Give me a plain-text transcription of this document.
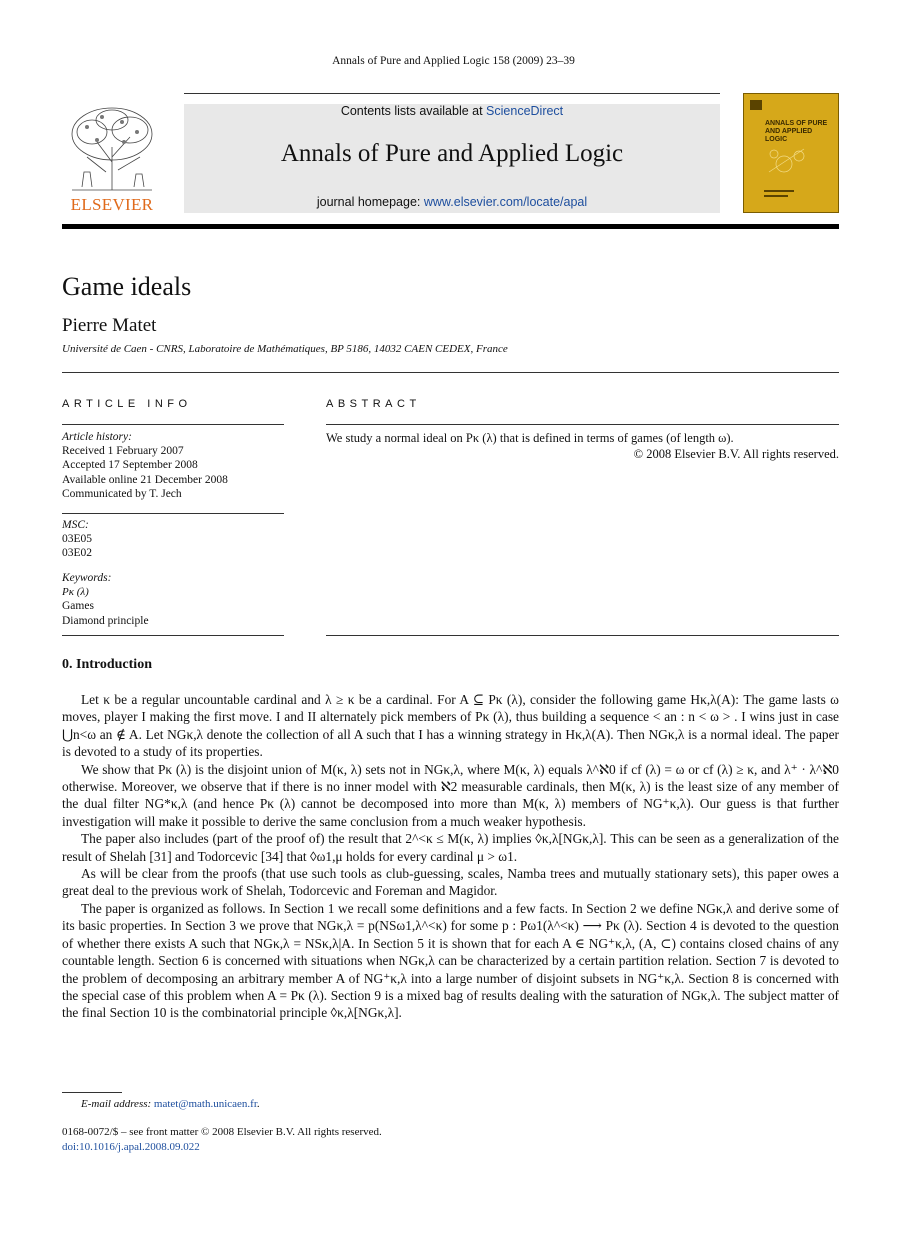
Annals of Pure and Applied Logic 158 (2009) 23–39
ELSEVIER
Contents lists available at ScienceDirect
Annals of Pure and Applied Logic
journal homepage: www.elsevier.com/locate/apal
ANNALS OF PURE AND APPLIED LOGIC
Game ideals
Pierre Matet
Université de Caen - CNRS, Laboratoire de Mathématiques, BP 5186, 14032 CAEN CEDEX, France
ARTICLE INFO
Article history:
Received 1 February 2007
Accepted 17 September 2008
Available online 21 December 2008
Communicated by T. Jech
MSC:
03E05
03E02
Keywords:
Pκ (λ)
Games
Diamond principle
ABSTRACT
We study a normal ideal on Pκ (λ) that is defined in terms of games (of length ω).
© 2008 Elsevier B.V. All rights reserved.
0. Introduction

Let κ be a regular uncountable cardinal and λ ≥ κ be a cardinal. For A ⊆ Pκ (λ), consider the following game Hκ,λ(A): The game lasts ω moves, player I making the first move. I and II alternately pick members of Pκ (λ), thus building a sequence < an : n < ω > . I wins just in case ⋃n<ω an ∉ A. Let NGκ,λ denote the collection of all A such that I has a winning strategy in Hκ,λ(A). Then NGκ,λ is a normal ideal. The paper is devoted to a study of its properties.

We show that Pκ (λ) is the disjoint union of M(κ, λ) sets not in NGκ,λ, where M(κ, λ) equals λ^ℵ0 if cf (λ) = ω or cf (λ) ≥ κ, and λ⁺ · λ^ℵ0 otherwise. Moreover, we observe that if there is no inner model with ℵ2 measurable cardinals, then M(κ, λ) is the least size of any member of the dual filter NG*κ,λ (and hence Pκ (λ) cannot be decomposed into more than M(κ, λ) members of NG⁺κ,λ). Our guess is that further investigation will make it possible to derive the same conclusion from a much weaker hypothesis.

The paper also includes (part of the proof of) the result that 2^<κ ≤ M(κ, λ) implies ◊κ,λ[NGκ,λ]. This can be seen as a generalization of the result of Shelah [31] and Todorcevic [34] that ◊ω1,μ holds for every cardinal μ > ω1.

As will be clear from the proofs (that use such tools as club-guessing, scales, Namba trees and mutually stationary sets), this paper owes a great deal to the previous work of Shelah, Todorcevic and Foreman and Magidor.

The paper is organized as follows. In Section 1 we recall some definitions and a few facts. In Section 2 we define NGκ,λ and derive some of its basic properties. In Section 3 we prove that NGκ,λ = p(NSω1,λ^<κ) for some p : Pω1(λ^<κ) ⟶ Pκ (λ). Section 4 is devoted to the question of whether there exists A such that NGκ,λ = NSκ,λ|A. In Section 5 it is shown that for each A ∈ NG⁺κ,λ, (A, ⊂) contains closed chains of any countable length. Section 6 is concerned with situations when NGκ,λ can be characterized by a certain partition relation. Section 7 is devoted to the problem of decomposing an arbitrary member A of NG⁺κ,λ into a large number of disjoint subsets in NG⁺κ,λ. Section 8 is concerned with the special case of this problem when A = Pκ (λ). Section 9 is a mixed bag of results dealing with the saturation of NGκ,λ. The subject matter of the final Section 10 is the combinatorial principle ◊κ,λ[NGκ,λ].

E-mail address: matet@math.unicaen.fr.
0168-0072/$ – see front matter © 2008 Elsevier B.V. All rights reserved.
doi:10.1016/j.apal.2008.09.022
